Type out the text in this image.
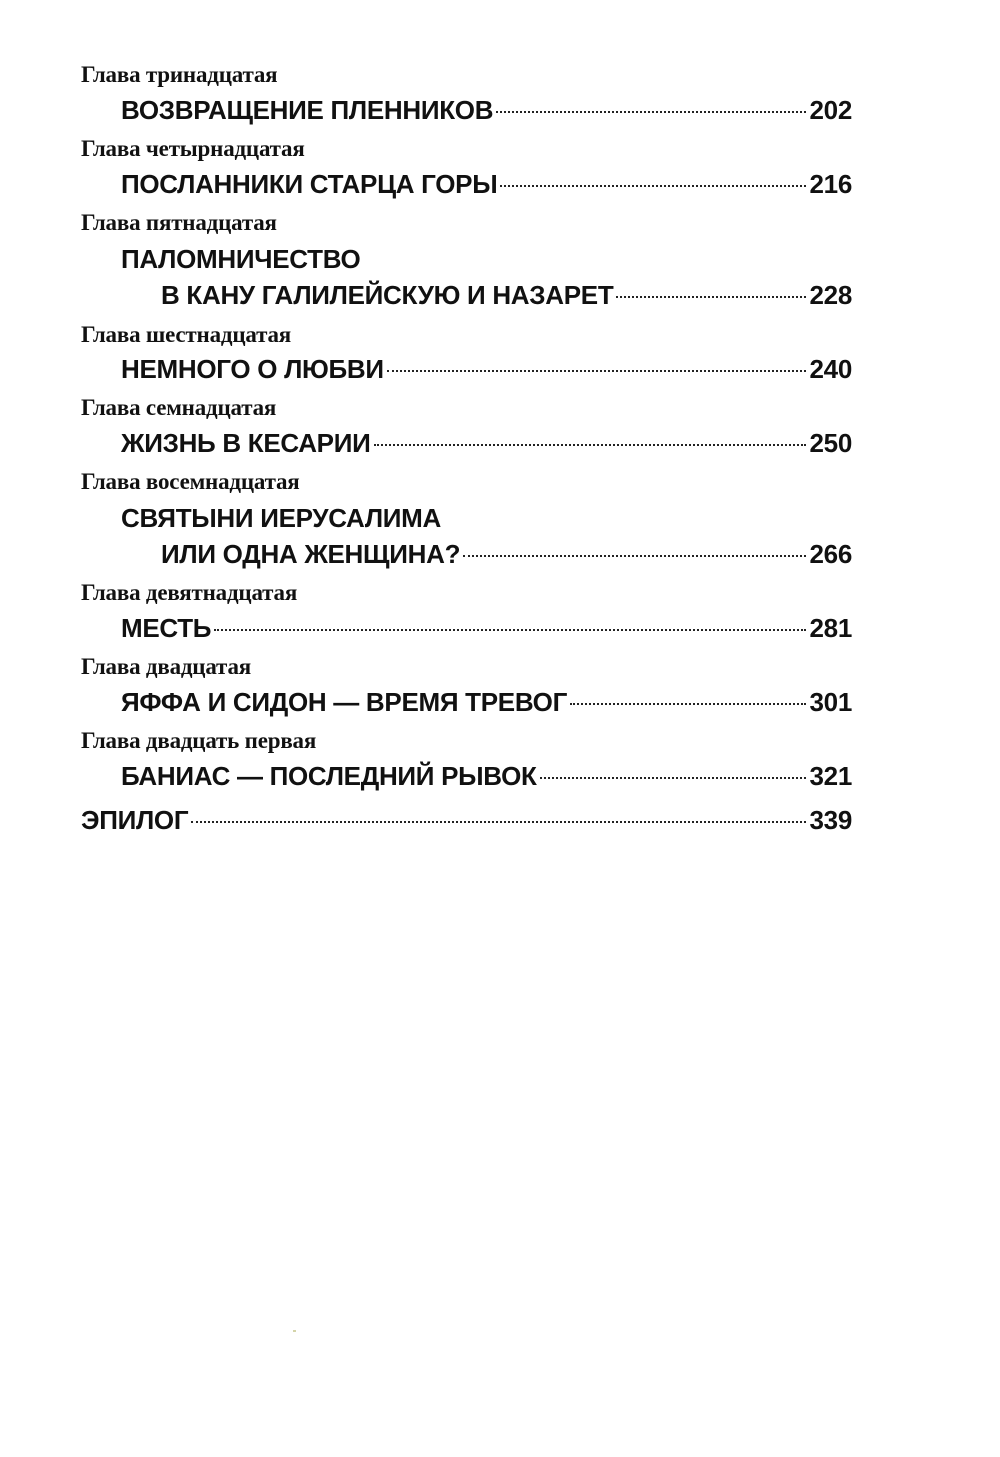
Глава тринадцатая
ВОЗВРАЩЕНИЕ ПЛЕННИКОВ	202
Глава четырнадцатая
ПОСЛАННИКИ СТАРЦА ГОРЫ	216
Глава пятнадцатая
ПАЛОМНИЧЕСТВО
В КАНУ ГАЛИЛЕЙСКУЮ И НАЗАРЕТ	228
Глава шестнадцатая
НЕМНОГО О ЛЮБВИ	240
Глава семнадцатая
ЖИЗНЬ В КЕСАРИИ	250
Глава восемнадцатая
СВЯТЫНИ ИЕРУСАЛИМА
ИЛИ ОДНА ЖЕНЩИНА?	266
Глава девятнадцатая
МЕСТЬ	281
Глава двадцатая
ЯФФА И СИДОН — ВРЕМЯ ТРЕВОГ	301
Глава двадцать первая
БАНИАС — ПОСЛЕДНИЙ РЫВОК	321
ЭПИЛОГ	339
